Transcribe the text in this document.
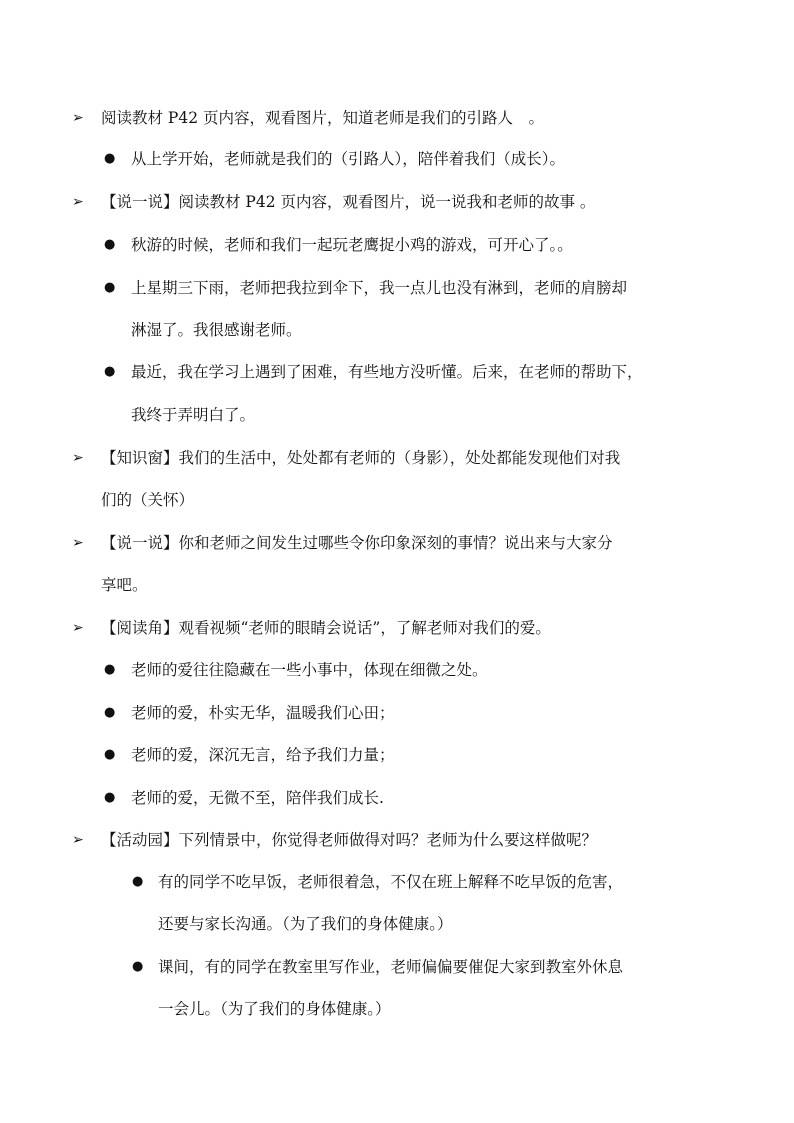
➢ 阅读教材 P42 页内容，观看图片，知道老师是我们的引路人　。
● 从上学开始，老师就是我们的（引路人），陪伴着我们（成长）。
➢ 【说一说】阅读教材 P42 页内容，观看图片，说一说我和老师的故事 。
● 秋游的时候，老师和我们一起玩老鹰捉小鸡的游戏，可开心了。。
● 上星期三下雨，老师把我拉到伞下，我一点儿也没有淋到，老师的肩膀却
淋湿了。我很感谢老师。
● 最近，我在学习上遇到了困难，有些地方没听懂。后来，在老师的帮助下，
我终于弄明白了。
➢ 【知识窗】我们的生活中，处处都有老师的（身影），处处都能发现他们对我
们的（关怀）
➢ 【说一说】你和老师之间发生过哪些令你印象深刻的事情？说出来与大家分
享吧。
➢ 【阅读角】观看视频“老师的眼睛会说话”，了解老师对我们的爱。
● 老师的爱往往隐藏在一些小事中，体现在细微之处。
● 老师的爱，朴实无华，温暖我们心田；
● 老师的爱，深沉无言，给予我们力量；
● 老师的爱，无微不至，陪伴我们成长.
➢ 【活动园】下列情景中，你觉得老师做得对吗？老师为什么要这样做呢？
● 有的同学不吃早饭，老师很着急，不仅在班上解释不吃早饭的危害，
还要与家长沟通。（为了我们的身体健康。）
● 课间，有的同学在教室里写作业，老师偏偏要催促大家到教室外休息
一会儿。（为了我们的身体健康。）
